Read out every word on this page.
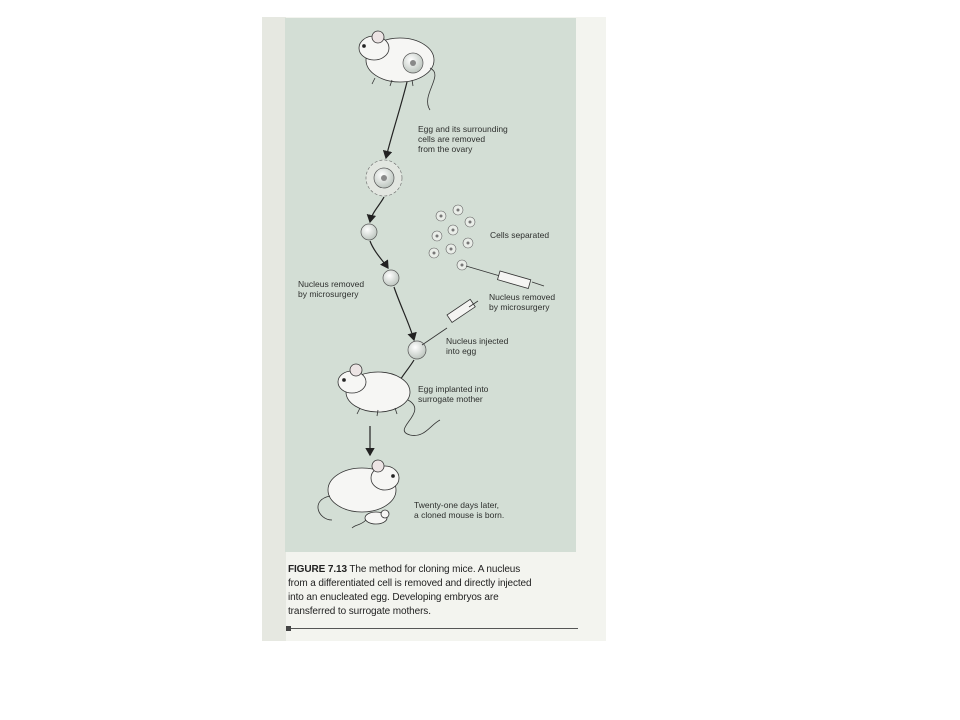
Egg and its surrounding
cells are removed
from the ovary
Cells separated
Nucleus removed
by microsurgery	Nucleus removed
by microsurgery
Nucleus injected
into egg
Egg implanted into
surrogate mother
Twenty-one days later,
a cloned mouse is born.
FIGURE 7.13 The method for cloning mice. A nucleus
from a differentiated cell is removed and directly injected
into an enucleated egg. Developing embryos are
transferred to surrogate mothers.
